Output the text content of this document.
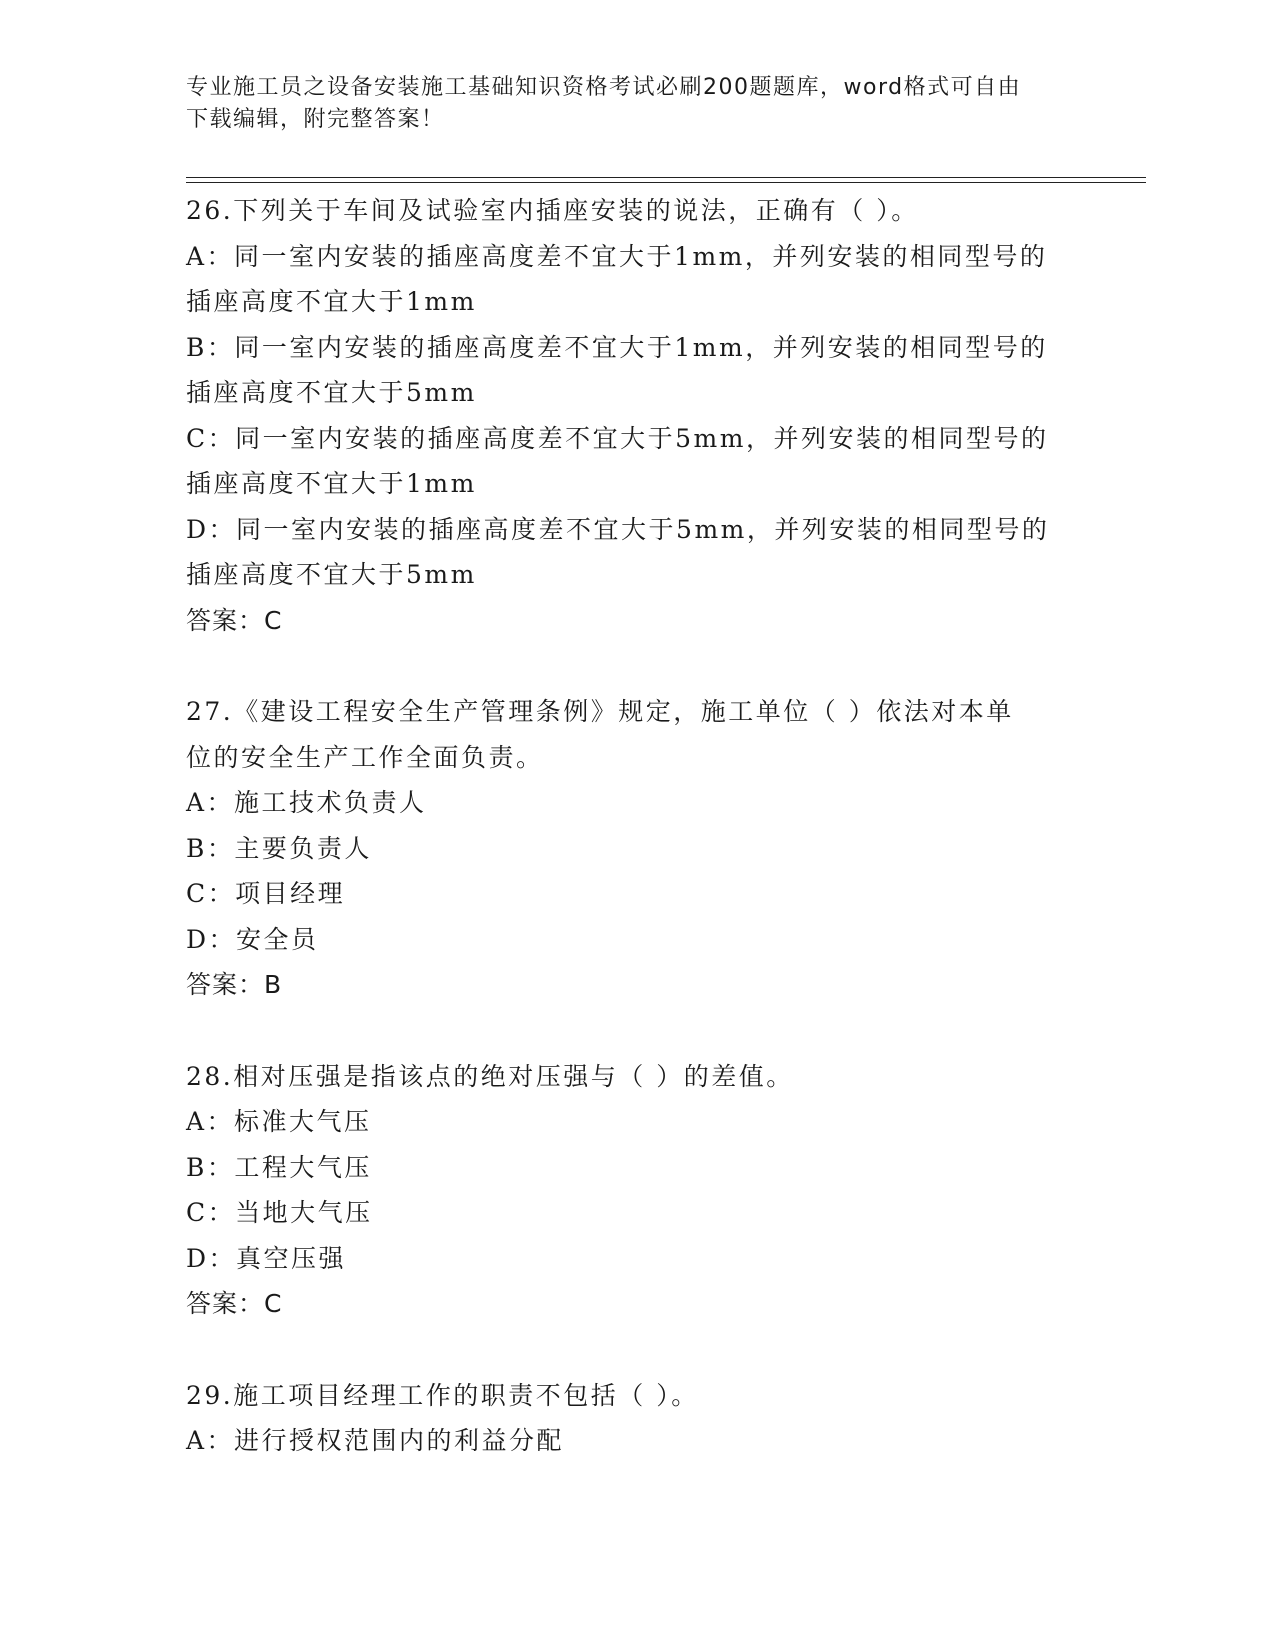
专业施工员之设备安装施工基础知识资格考试必刷200题题库，word格式可自由
下载编辑，附完整答案！
26.下列关于车间及试验室内插座安装的说法，正确有（ ）。
A：同一室内安装的插座高度差不宜大于1mm，并列安装的相同型号的
插座高度不宜大于1mm
B：同一室内安装的插座高度差不宜大于1mm，并列安装的相同型号的
插座高度不宜大于5mm
C：同一室内安装的插座高度差不宜大于5mm，并列安装的相同型号的
插座高度不宜大于1mm
D：同一室内安装的插座高度差不宜大于5mm，并列安装的相同型号的
插座高度不宜大于5mm
答案：C
27.《建设工程安全生产管理条例》规定，施工单位（ ）依法对本单
位的安全生产工作全面负责。
A：施工技术负责人
B：主要负责人
C：项目经理
D：安全员
答案：B
28.相对压强是指该点的绝对压强与（ ）的差值。
A：标准大气压
B：工程大气压
C：当地大气压
D：真空压强
答案：C
29.施工项目经理工作的职责不包括（ ）。
A：进行授权范围内的利益分配
